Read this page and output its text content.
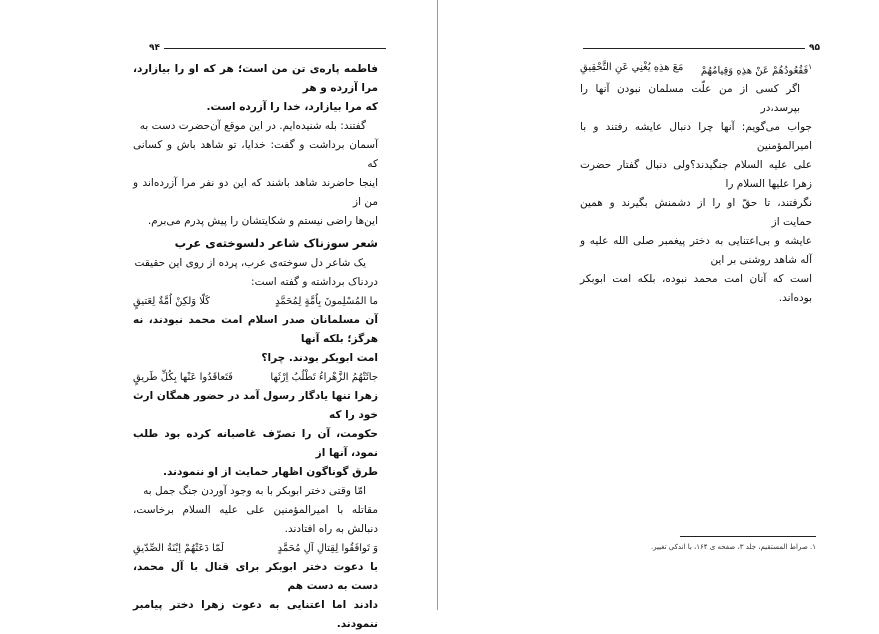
۹۴

فاطمه پاره‌ی تن من است؛ هر که او را بیازارد، مرا آزرده و هر

که مرا بیازارد، خدا را آزرده است.

گفتند: بله شنیده‌ایم. در این موقع آن‌حضرت دست به

آسمان برداشت و گفت: خدایا، تو شاهد باش و کسانی که

اینجا حاضرند شاهد باشند که این دو نفر مرا آزرده‌اند و من از

این‌ها راضی نیستم و شکایتشان را پیش پدرم می‌برم.

شعر سوزناک شاعر دلسوخته‌ی عرب

یک شاعر دل سوخته‌ی عرب، پرده از روی این حقیقت

دردناک برداشته و گفته است:

ما المُسْلِمونَ بِاُمَّةٍ لِمُحَمَّدٍ
كَلّا وَلكِنْ اُمَّةٌ لِعَتيقٍ

آن مسلمانان صدر اسلام امت محمد نبودند، نه هرگز؛ بلکه آنها

امت ابوبکر بودند. چرا؟

جائَتْهُمُ الزَّهْراءُ تَطْلُبُ اِرْثَها
فَتَعاقَدُوا عَنْها بِكُلِّ طَريقٍ

زهرا تنها یادگار رسول آمد در حضور همگان ارث خود را که

حکومت، آن را تصرّف غاصبانه کرده بود طلب نمود، آنها از

طرق گوناگون اظهار حمایت از او ننمودند.

امّا وقتی دختر ابوبکر با به وجود آوردن جنگ جمل به

مقاتله با امیرالمؤمنین علی علیه السلام برخاست، دنبالش به راه افتادند.

وَ تَوافَقُوا لِقِتالِ آلِ مُحَمَّدٍ
لَمّا دَعَتْهُمْ اِبْنَةُ الصِّدّيقِ

با دعوت دختر ابوبکر برای قتال با آل محمد، دست به دست هم

دادند اما اعتنایی به دعوت زهرا دختر پیامبر ننمودند.

۹۵
$^۱$فَقُعُودُهُمْ عَنْ هذِهِ وَقِيامُهُمْ
مَعَ هذِهِ يُغْنِي عَنِ التَّحْقِيقِ

اگر کسی از من علّت مسلمان نبودن آنها را بپرسد،در

جواب می‌گویم: آنها چرا دنبال عایشه رفتند و با امیرالمؤمنین

علی علیه السلام جنگیدند؟ولی دنبال گفتار حضرت زهرا علیها السلام را

نگرفتند، تا حقّ او را از دشمنش بگیرند و همین حمایت از

عایشه و بی‌اعتنایی به دختر پیغمبر صلی الله علیه و آله شاهد روشنی بر این

است که آنان امت محمد نبوده، بلکه امت ابوبکر بوده‌اند.

۱. صراط المستقیم، جلد ۳، صفحه ی ۱۶۴، با اندکی تغییر.
